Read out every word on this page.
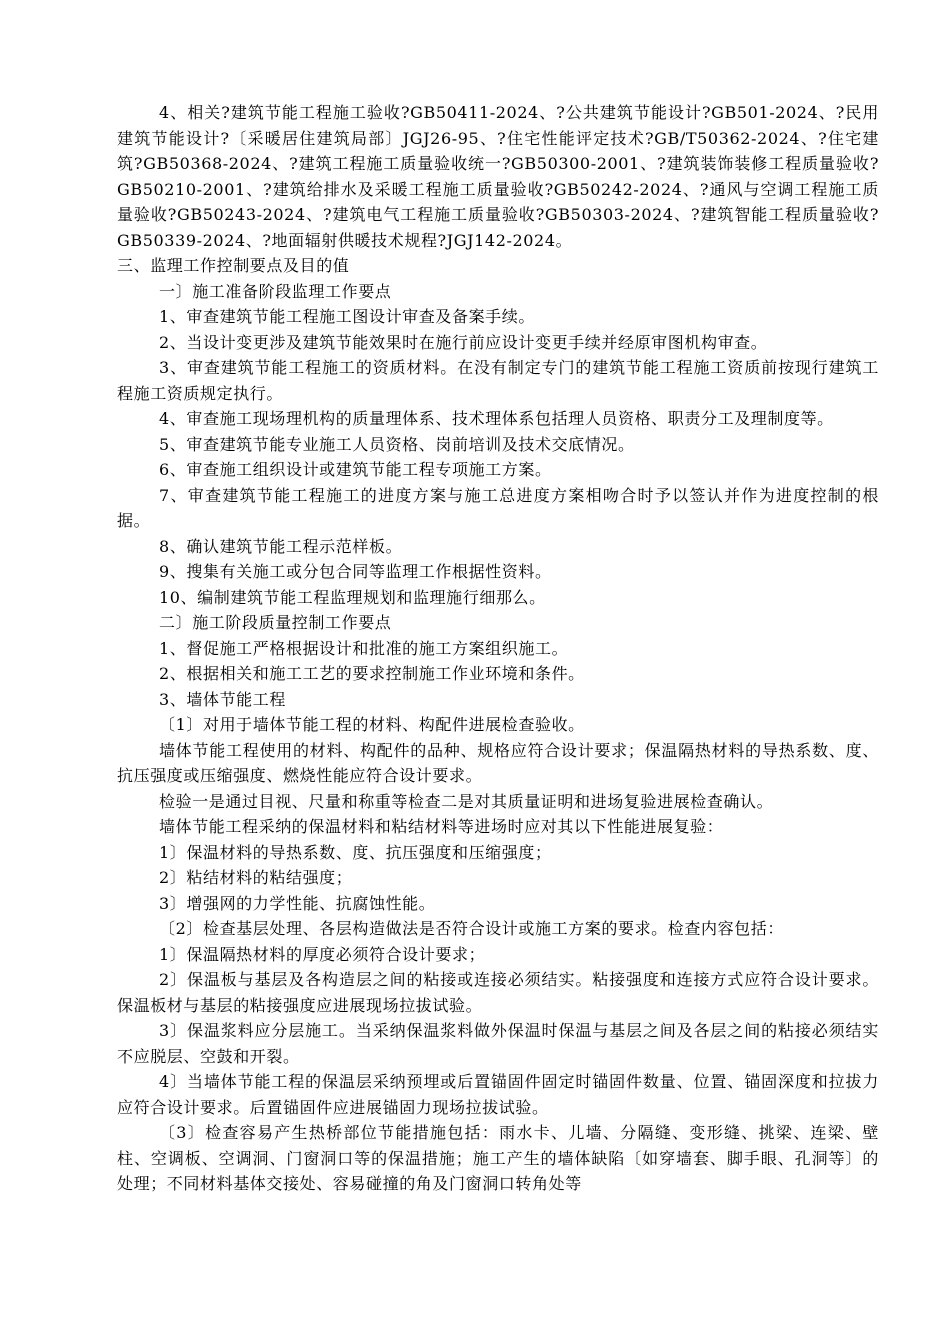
4、相关?建筑节能工程施工验收?GB50411-2024、?公共建筑节能设计?GB501-2024、?民用建筑节能设计?〔采暖居住建筑局部〕JGJ26-95、?住宅性能评定技术?GB/T50362-2024、?住宅建筑?GB50368-2024、?建筑工程施工质量验收统一?GB50300-2001、?建筑装饰装修工程质量验收?GB50210-2001、?建筑给排水及采暖工程施工质量验收?GB50242-2024、?通风与空调工程施工质量验收?GB50243-2024、?建筑电气工程施工质量验收?GB50303-2024、?建筑智能工程质量验收?GB50339-2024、?地面辐射供暖技术规程?JGJ142-2024。

三、监理工作控制要点及目的值

一〕施工准备阶段监理工作要点

1、审查建筑节能工程施工图设计审查及备案手续。

2、当设计变更涉及建筑节能效果时在施行前应设计变更手续并经原审图机构审查。

3、审查建筑节能工程施工的资质材料。在没有制定专门的建筑节能工程施工资质前按现行建筑工程施工资质规定执行。

4、审查施工现场理机构的质量理体系、技术理体系包括理人员资格、职责分工及理制度等。

5、审查建筑节能专业施工人员资格、岗前培训及技术交底情况。

6、审查施工组织设计或建筑节能工程专项施工方案。

7、审查建筑节能工程施工的进度方案与施工总进度方案相吻合时予以签认并作为进度控制的根据。

8、确认建筑节能工程示范样板。

9、搜集有关施工或分包合同等监理工作根据性资料。

10、编制建筑节能工程监理规划和监理施行细那么。

二〕施工阶段质量控制工作要点

1、督促施工严格根据设计和批准的施工方案组织施工。

2、根据相关和施工工艺的要求控制施工作业环境和条件。

3、墙体节能工程

〔1〕对用于墙体节能工程的材料、构配件进展检查验收。

墙体节能工程使用的材料、构配件的品种、规格应符合设计要求；保温隔热材料的导热系数、度、抗压强度或压缩强度、燃烧性能应符合设计要求。

检验一是通过目视、尺量和称重等检查二是对其质量证明和进场复验进展检查确认。

墙体节能工程采纳的保温材料和粘结材料等进场时应对其以下性能进展复验：

1〕保温材料的导热系数、度、抗压强度和压缩强度；

2〕粘结材料的粘结强度；

3〕增强网的力学性能、抗腐蚀性能。

〔2〕检查基层处理、各层构造做法是否符合设计或施工方案的要求。检查内容包括：

1〕保温隔热材料的厚度必须符合设计要求；

2〕保温板与基层及各构造层之间的粘接或连接必须结实。粘接强度和连接方式应符合设计要求。保温板材与基层的粘接强度应进展现场拉拔试验。

3〕保温浆料应分层施工。当采纳保温浆料做外保温时保温与基层之间及各层之间的粘接必须结实不应脱层、空鼓和开裂。

4〕当墙体节能工程的保温层采纳预埋或后置锚固件固定时锚固件数量、位置、锚固深度和拉拔力应符合设计要求。后置锚固件应进展锚固力现场拉拔试验。

〔3〕检查容易产生热桥部位节能措施包括：雨水卡、儿墙、分隔缝、变形缝、挑梁、连梁、壁柱、空调板、空调洞、门窗洞口等的保温措施；施工产生的墙体缺陷〔如穿墙套、脚手眼、孔洞等〕的处理；不同材料基体交接处、容易碰撞的角及门窗洞口转角处等
